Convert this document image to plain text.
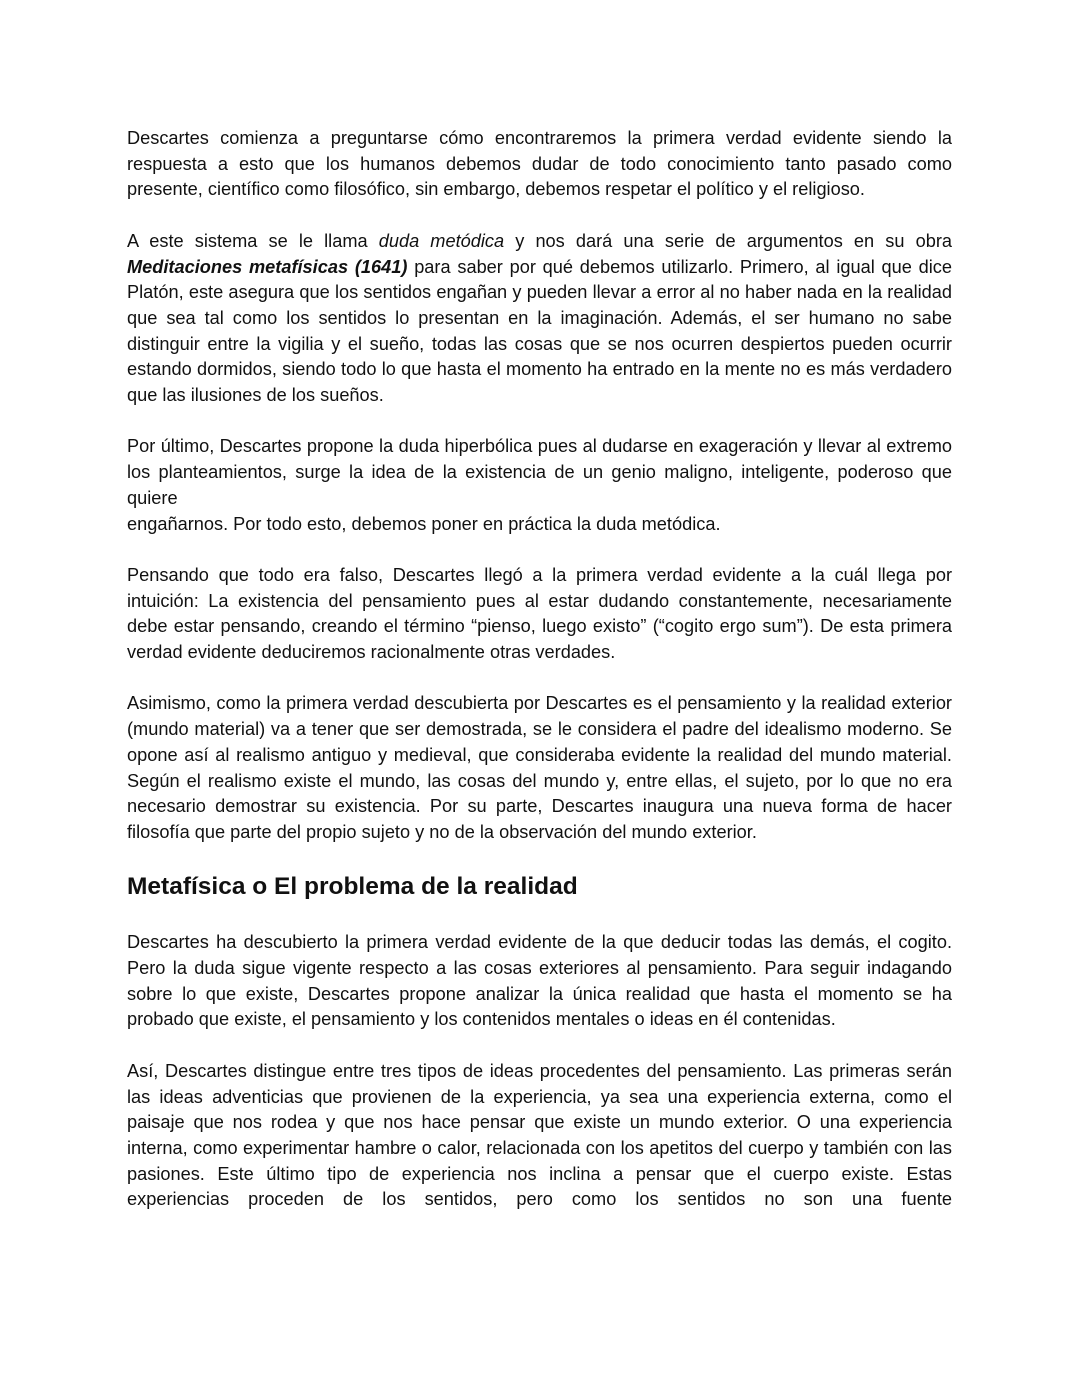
Descartes comienza a preguntarse cómo encontraremos la primera verdad evidente siendo la respuesta a esto que los humanos debemos dudar de todo conocimiento tanto pasado como presente, científico como filosófico, sin embargo, debemos respetar el político y el religioso.

A este sistema se le llama duda metódica y nos dará una serie de argumentos en su obra Meditaciones metafísicas (1641) para saber por qué debemos utilizarlo. Primero, al igual que dice Platón, este asegura que los sentidos engañan y pueden llevar a error al no haber nada en la realidad que sea tal como los sentidos lo presentan en la imaginación. Además, el ser humano no sabe distinguir entre la vigilia y el sueño, todas las cosas que se nos ocurren despiertos pueden ocurrir estando dormidos, siendo todo lo que hasta el momento ha entrado en la mente no es más verdadero que las ilusiones de los sueños.

Por último, Descartes propone la duda hiperbólica pues al dudarse en exageración y llevar al extremo los planteamientos, surge la idea de la existencia de un genio maligno, inteligente, poderoso que quiere

engañarnos. Por todo esto, debemos poner en práctica la duda metódica.

Pensando que todo era falso, Descartes llegó a la primera verdad evidente a la cuál llega por intuición: La existencia del pensamiento pues al estar dudando constantemente, necesariamente debe estar pensando, creando el término “pienso, luego existo” (“cogito ergo sum”). De esta primera verdad evidente deduciremos racionalmente otras verdades.

Asimismo, como la primera verdad descubierta por Descartes es el pensamiento y la realidad exterior (mundo material) va a tener que ser demostrada, se le considera el padre del idealismo moderno. Se opone así al realismo antiguo y medieval, que consideraba evidente la realidad del mundo material. Según el realismo existe el mundo, las cosas del mundo y, entre ellas, el sujeto, por lo que no era necesario demostrar su existencia. Por su parte, Descartes inaugura una nueva forma de hacer filosofía que parte del propio sujeto y no de la observación del mundo exterior.

Metafísica o El problema de la realidad

Descartes ha descubierto la primera verdad evidente de la que deducir todas las demás, el cogito. Pero la duda sigue vigente respecto a las cosas exteriores al pensamiento. Para seguir indagando sobre lo que existe, Descartes propone analizar la única realidad que hasta el momento se ha probado que existe, el pensamiento y los contenidos mentales o ideas en él contenidas.

Así, Descartes distingue entre tres tipos de ideas procedentes del pensamiento. Las primeras serán las ideas adventicias que provienen de la experiencia, ya sea una experiencia externa, como el paisaje que nos rodea y que nos hace pensar que existe un mundo exterior. O una experiencia interna, como experimentar hambre o calor, relacionada con los apetitos del cuerpo y también con las pasiones. Este último tipo de experiencia nos inclina a pensar que el cuerpo existe. Estas experiencias proceden de los sentidos, pero como los sentidos no son una fuente
